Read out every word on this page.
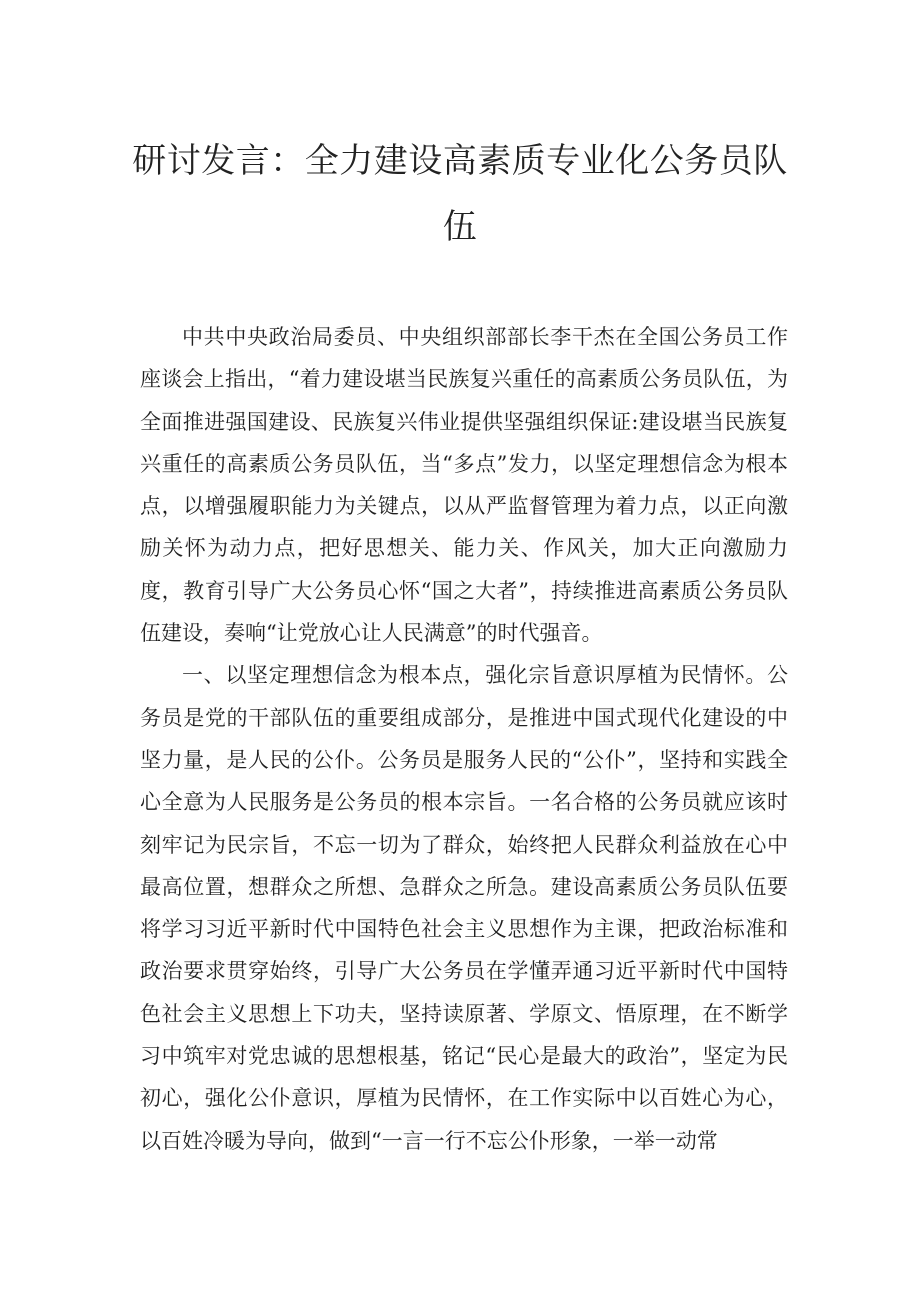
研讨发言：全力建设高素质专业化公务员队伍

中共中央政治局委员、中央组织部部长李干杰在全国公务员工作座谈会上指出，“着力建设堪当民族复兴重任的高素质公务员队伍，为全面推进强国建设、民族复兴伟业提供坚强组织保证:建设堪当民族复兴重任的高素质公务员队伍，当“多点”发力，以坚定理想信念为根本点，以增强履职能力为关键点，以从严监督管理为着力点，以正向激励关怀为动力点，把好思想关、能力关、作风关，加大正向激励力度，教育引导广大公务员心怀“国之大者”，持续推进高素质公务员队伍建设，奏响“让党放心让人民满意”的时代强音。

一、以坚定理想信念为根本点，强化宗旨意识厚植为民情怀。公务员是党的干部队伍的重要组成部分，是推进中国式现代化建设的中坚力量，是人民的公仆。公务员是服务人民的“公仆”，坚持和实践全心全意为人民服务是公务员的根本宗旨。一名合格的公务员就应该时刻牢记为民宗旨，不忘一切为了群众，始终把人民群众利益放在心中最高位置，想群众之所想、急群众之所急。建设高素质公务员队伍要将学习习近平新时代中国特色社会主义思想作为主课，把政治标准和政治要求贯穿始终，引导广大公务员在学懂弄通习近平新时代中国特色社会主义思想上下功夫，坚持读原著、学原文、悟原理，在不断学习中筑牢对党忠诚的思想根基，铭记“民心是最大的政治”，坚定为民初心，强化公仆意识，厚植为民情怀，在工作实际中以百姓心为心，以百姓冷暖为导向，做到“一言一行不忘公仆形象，一举一动常
